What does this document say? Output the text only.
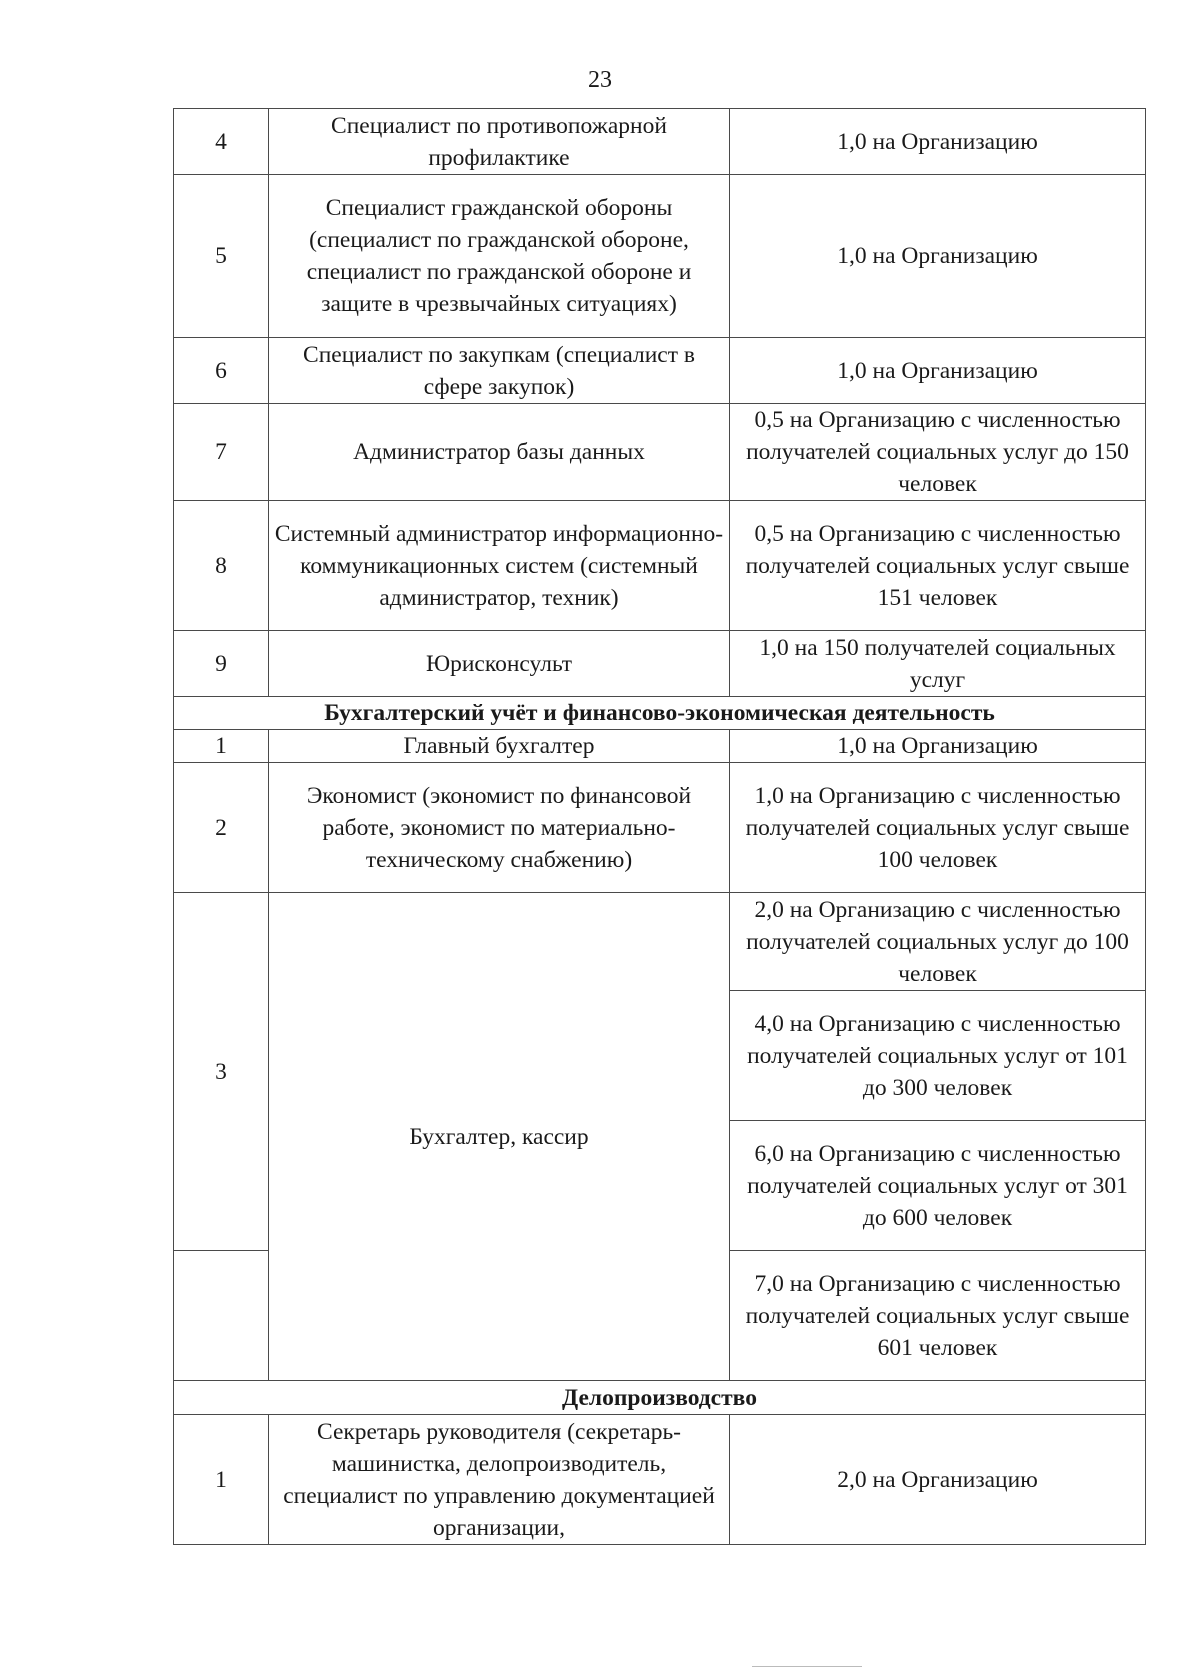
23
4	Специалист по противопожарной профилактике	1,0 на Организацию
5	Специалист гражданской обороны (специалист по гражданской обороне, специалист по гражданской обороне и защите в чрезвычайных ситуациях)	1,0 на Организацию
6	Специалист по закупкам (специалист в сфере закупок)	1,0 на Организацию
7	Администратор базы данных	0,5 на Организацию с численностью получателей социальных услуг до 150 человек
8	Системный администратор информационно-коммуникационных систем (системный администратор, техник)	0,5 на Организацию с численностью получателей социальных услуг свыше 151 человек
9	Юрисконсульт	1,0 на 150 получателей социальных услуг
Бухгалтерский учёт и финансово-экономическая деятельность		
1	Главный бухгалтер	1,0 на Организацию
2	Экономист (экономист по финансовой работе, экономист по материально-техническому снабжению)	1,0 на Организацию с численностью получателей социальных услуг свыше 100 человек
3	Бухгалтер, кассир	2,0 на Организацию с численностью получателей социальных услуг до 100 человек
		4,0 на Организацию с численностью получателей социальных услуг от 101 до 300 человек
		6,0 на Организацию с численностью получателей социальных услуг от 301 до 600 человек
		7,0 на Организацию с численностью получателей социальных услуг свыше 601 человек
Делопроизводство		
1	Секретарь руководителя (секретарь-машинистка, делопроизводитель, специалист по управлению документацией организации,	2,0 на Организацию
